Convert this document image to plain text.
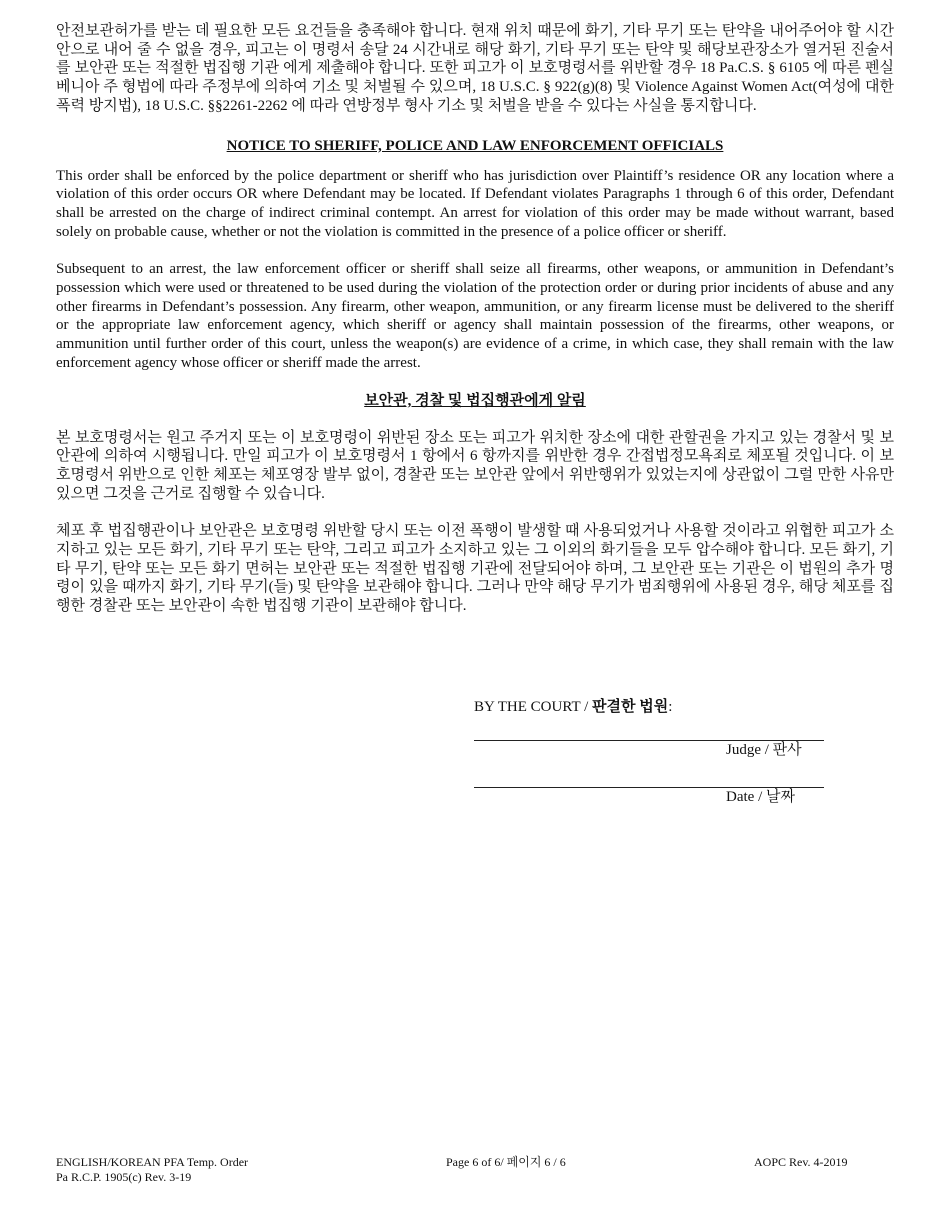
안전보관허가를 받는 데 필요한 모든 요건들을 충족해야 합니다. 현재 위치 때문에 화기, 기타 무기 또는 탄약을 내어주어야 할 시간 안으로 내어 줄 수 없을 경우, 피고는 이 명령서 송달 24 시간내로 해당 화기, 기타 무기 또는 탄약 및 해당보관장소가 열거된 진술서를 보안관 또는 적절한 법집행 기관 에게 제출해야 합니다. 또한 피고가 이 보호명령서를 위반할 경우 18 Pa.C.S. § 6105 에 따른 펜실베니아 주 형법에 따라 주정부에 의하여 기소 및 처벌될 수 있으며, 18 U.S.C. § 922(g)(8) 및 Violence Against Women Act(여성에 대한 폭력 방지법), 18 U.S.C. §§2261-2262 에 따라 연방정부 형사 기소 및 처벌을 받을 수 있다는 사실을 통지합니다.

NOTICE TO SHERIFF, POLICE AND LAW ENFORCEMENT OFFICIALS

This order shall be enforced by the police department or sheriff who has jurisdiction over Plaintiff’s residence OR any location where a violation of this order occurs OR where Defendant may be located. If Defendant violates Paragraphs 1 through 6 of this order, Defendant shall be arrested on the charge of indirect criminal contempt. An arrest for violation of this order may be made without warrant, based solely on probable cause, whether or not the violation is committed in the presence of a police officer or sheriff.

Subsequent to an arrest, the law enforcement officer or sheriff shall seize all firearms, other weapons, or ammunition in Defendant’s possession which were used or threatened to be used during the violation of the protection order or during prior incidents of abuse and any other firearms in Defendant’s possession. Any firearm, other weapon, ammunition, or any firearm license must be delivered to the sheriff or the appropriate law enforcement agency, which sheriff or agency shall maintain possession of the firearms, other weapons, or ammunition until further order of this court, unless the weapon(s) are evidence of a crime, in which case, they shall remain with the law enforcement agency whose officer or sheriff made the arrest.

보안관, 경찰 및 법집행관에게 알림

본 보호명령서는 원고 주거지 또는 이 보호명령이 위반된 장소 또는 피고가 위치한 장소에 대한 관할권을 가지고 있는 경찰서 및 보안관에 의하여 시행됩니다. 만일 피고가 이 보호명령서 1 항에서 6 항까지를 위반한 경우 간접법정모욕죄로 체포될 것입니다. 이 보호명령서 위반으로 인한 체포는 체포영장 발부 없이, 경찰관 또는 보안관 앞에서 위반행위가 있었는지에 상관없이 그럴 만한 사유만 있으면 그것을 근거로 집행할 수 있습니다.

체포 후 법집행관이나 보안관은 보호명령 위반할 당시 또는 이전 폭행이 발생할 때 사용되었거나 사용할 것이라고 위협한 피고가 소지하고 있는 모든 화기, 기타 무기 또는 탄약, 그리고 피고가 소지하고 있는 그 이외의 화기들을 모두 압수해야 합니다. 모든 화기, 기타 무기, 탄약 또는 모든 화기 면허는 보안관 또는 적절한 법집행 기관에 전달되어야 하며, 그 보안관 또는 기관은 이 법원의 추가 명령이 있을 때까지 화기, 기타 무기(들) 및 탄약을 보관해야 합니다. 그러나 만약 해당 무기가 범죄행위에 사용된 경우, 해당 체포를 집행한 경찰관 또는 보안관이 속한 법집행 기관이 보관해야 합니다.

BY THE COURT / 판결한 법원:
Judge / 판사
Date / 날짜
ENGLISH/KOREAN PFA Temp. Order
Pa R.C.P. 1905(c) Rev. 3-19
Page 6 of 6/ 페이지 6 / 6	AOPC Rev. 4-2019
